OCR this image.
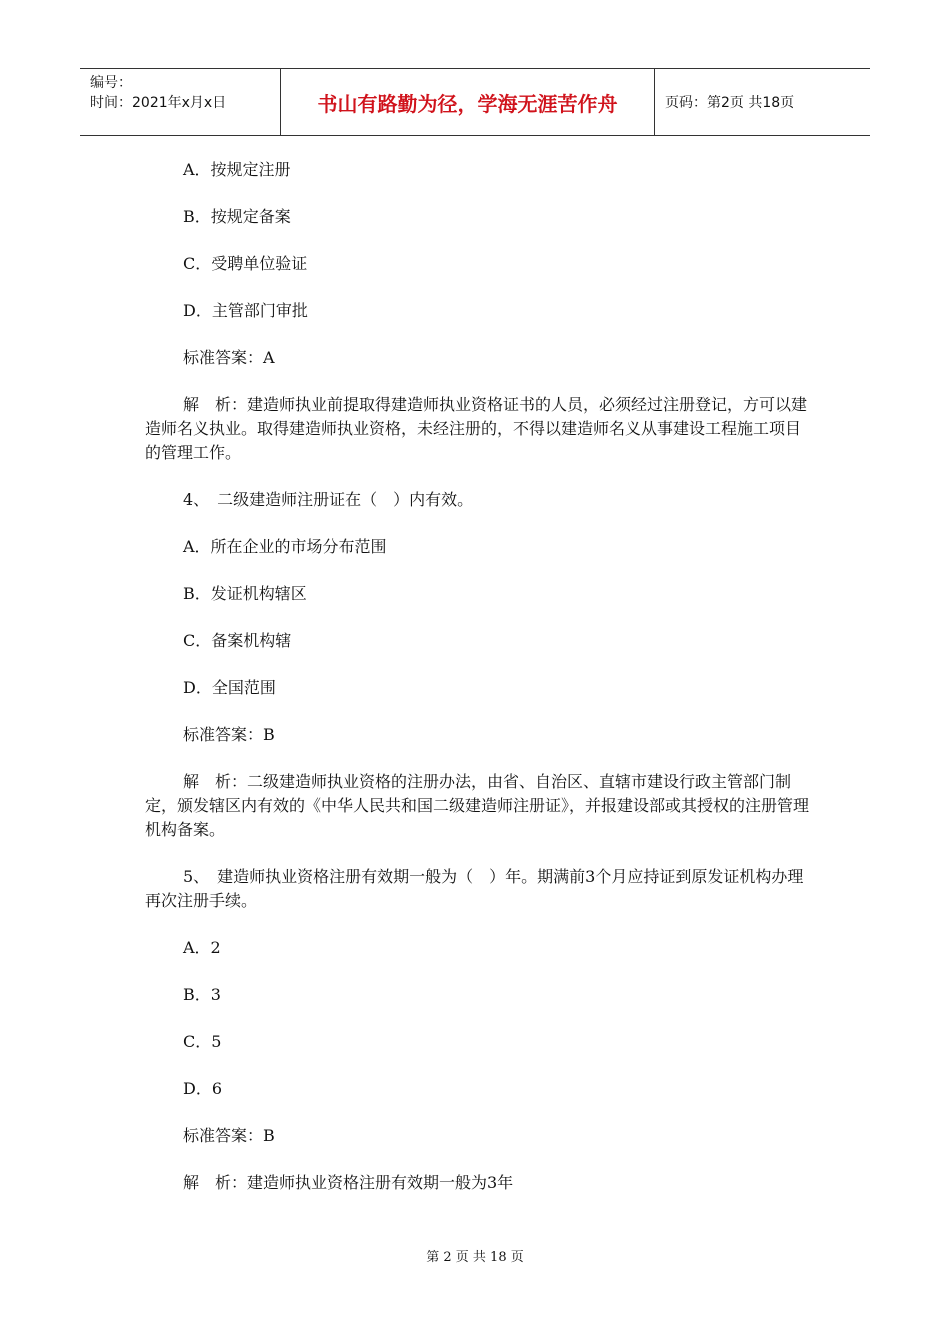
编号：
时间：2021年x月x日	书山有路勤为径，学海无涯苦作舟	页码：第2页 共18页
A．按规定注册
B．按规定备案
C．受聘单位验证
D．主管部门审批
标准答案：A
解　析：建造师执业前提取得建造师执业资格证书的人员，必须经过注册登记，方可以建造师名义执业。取得建造师执业资格，未经注册的，不得以建造师名义从事建设工程施工项目的管理工作。
4、　二级建造师注册证在（　）内有效。
A．所在企业的市场分布范围
B．发证机构辖区
C．备案机构辖
D．全国范围
标准答案：B
解　析：二级建造师执业资格的注册办法，由省、自治区、直辖市建设行政主管部门制定，颁发辖区内有效的《中华人民共和国二级建造师注册证》，并报建设部或其授权的注册管理机构备案。
5、　建造师执业资格注册有效期一般为（　）年。期满前3个月应持证到原发证机构办理再次注册手续。
A．2
B．3
C．5
D．6
标准答案：B
解　析：建造师执业资格注册有效期一般为3年
第 2 页 共 18 页
